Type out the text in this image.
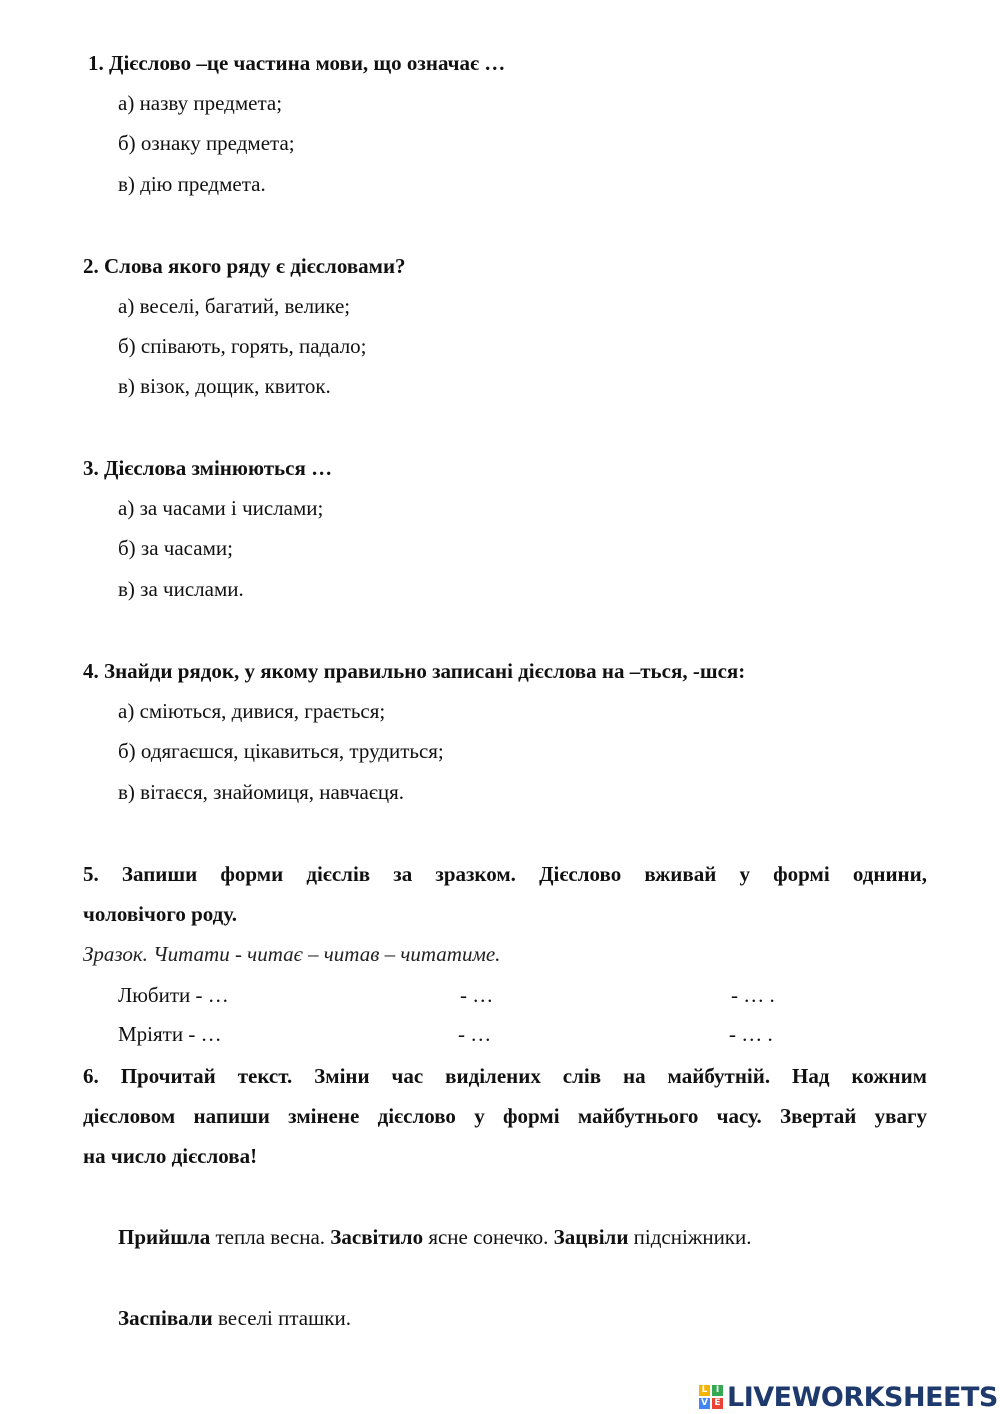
1. Дієслово –це частина мови, що означає …
а) назву предмета;
б) ознаку предмета;
в) дію предмета.
2. Слова якого ряду є дієсловами?
а) веселі, багатий, велике;
б) співають, горять, падало;
в) візок, дощик, квиток.
3. Дієслова змінюються …
а) за часами і числами;
б) за часами;
в) за числами.
4. Знайди рядок, у якому правильно записані дієслова на –ться, -шся:
а) сміються, дивися, грається;
б) одягаєшся, цікавиться, трудиться;
в) вітаєся, знайомиця, навчаєця.
5. Запиши форми дієслів за зразком. Дієслово вживай у формі однини,
чоловічого роду.
Зразок. Читати - читає – читав – читатиме.
Любити - …	- …	- … .
Мріяти - …	- …	- … .
6. Прочитай текст. Зміни час виділених слів на майбутній. Над кожним
дієсловом напиши змінене дієслово у формі майбутнього часу. Звертай увагу
на число дієслова!
Прийшла тепла весна. Засвітило ясне сонечко. Зацвіли підсніжники.
Заспівали веселі пташки.
L I
V E LIVEWORKSHEETS
